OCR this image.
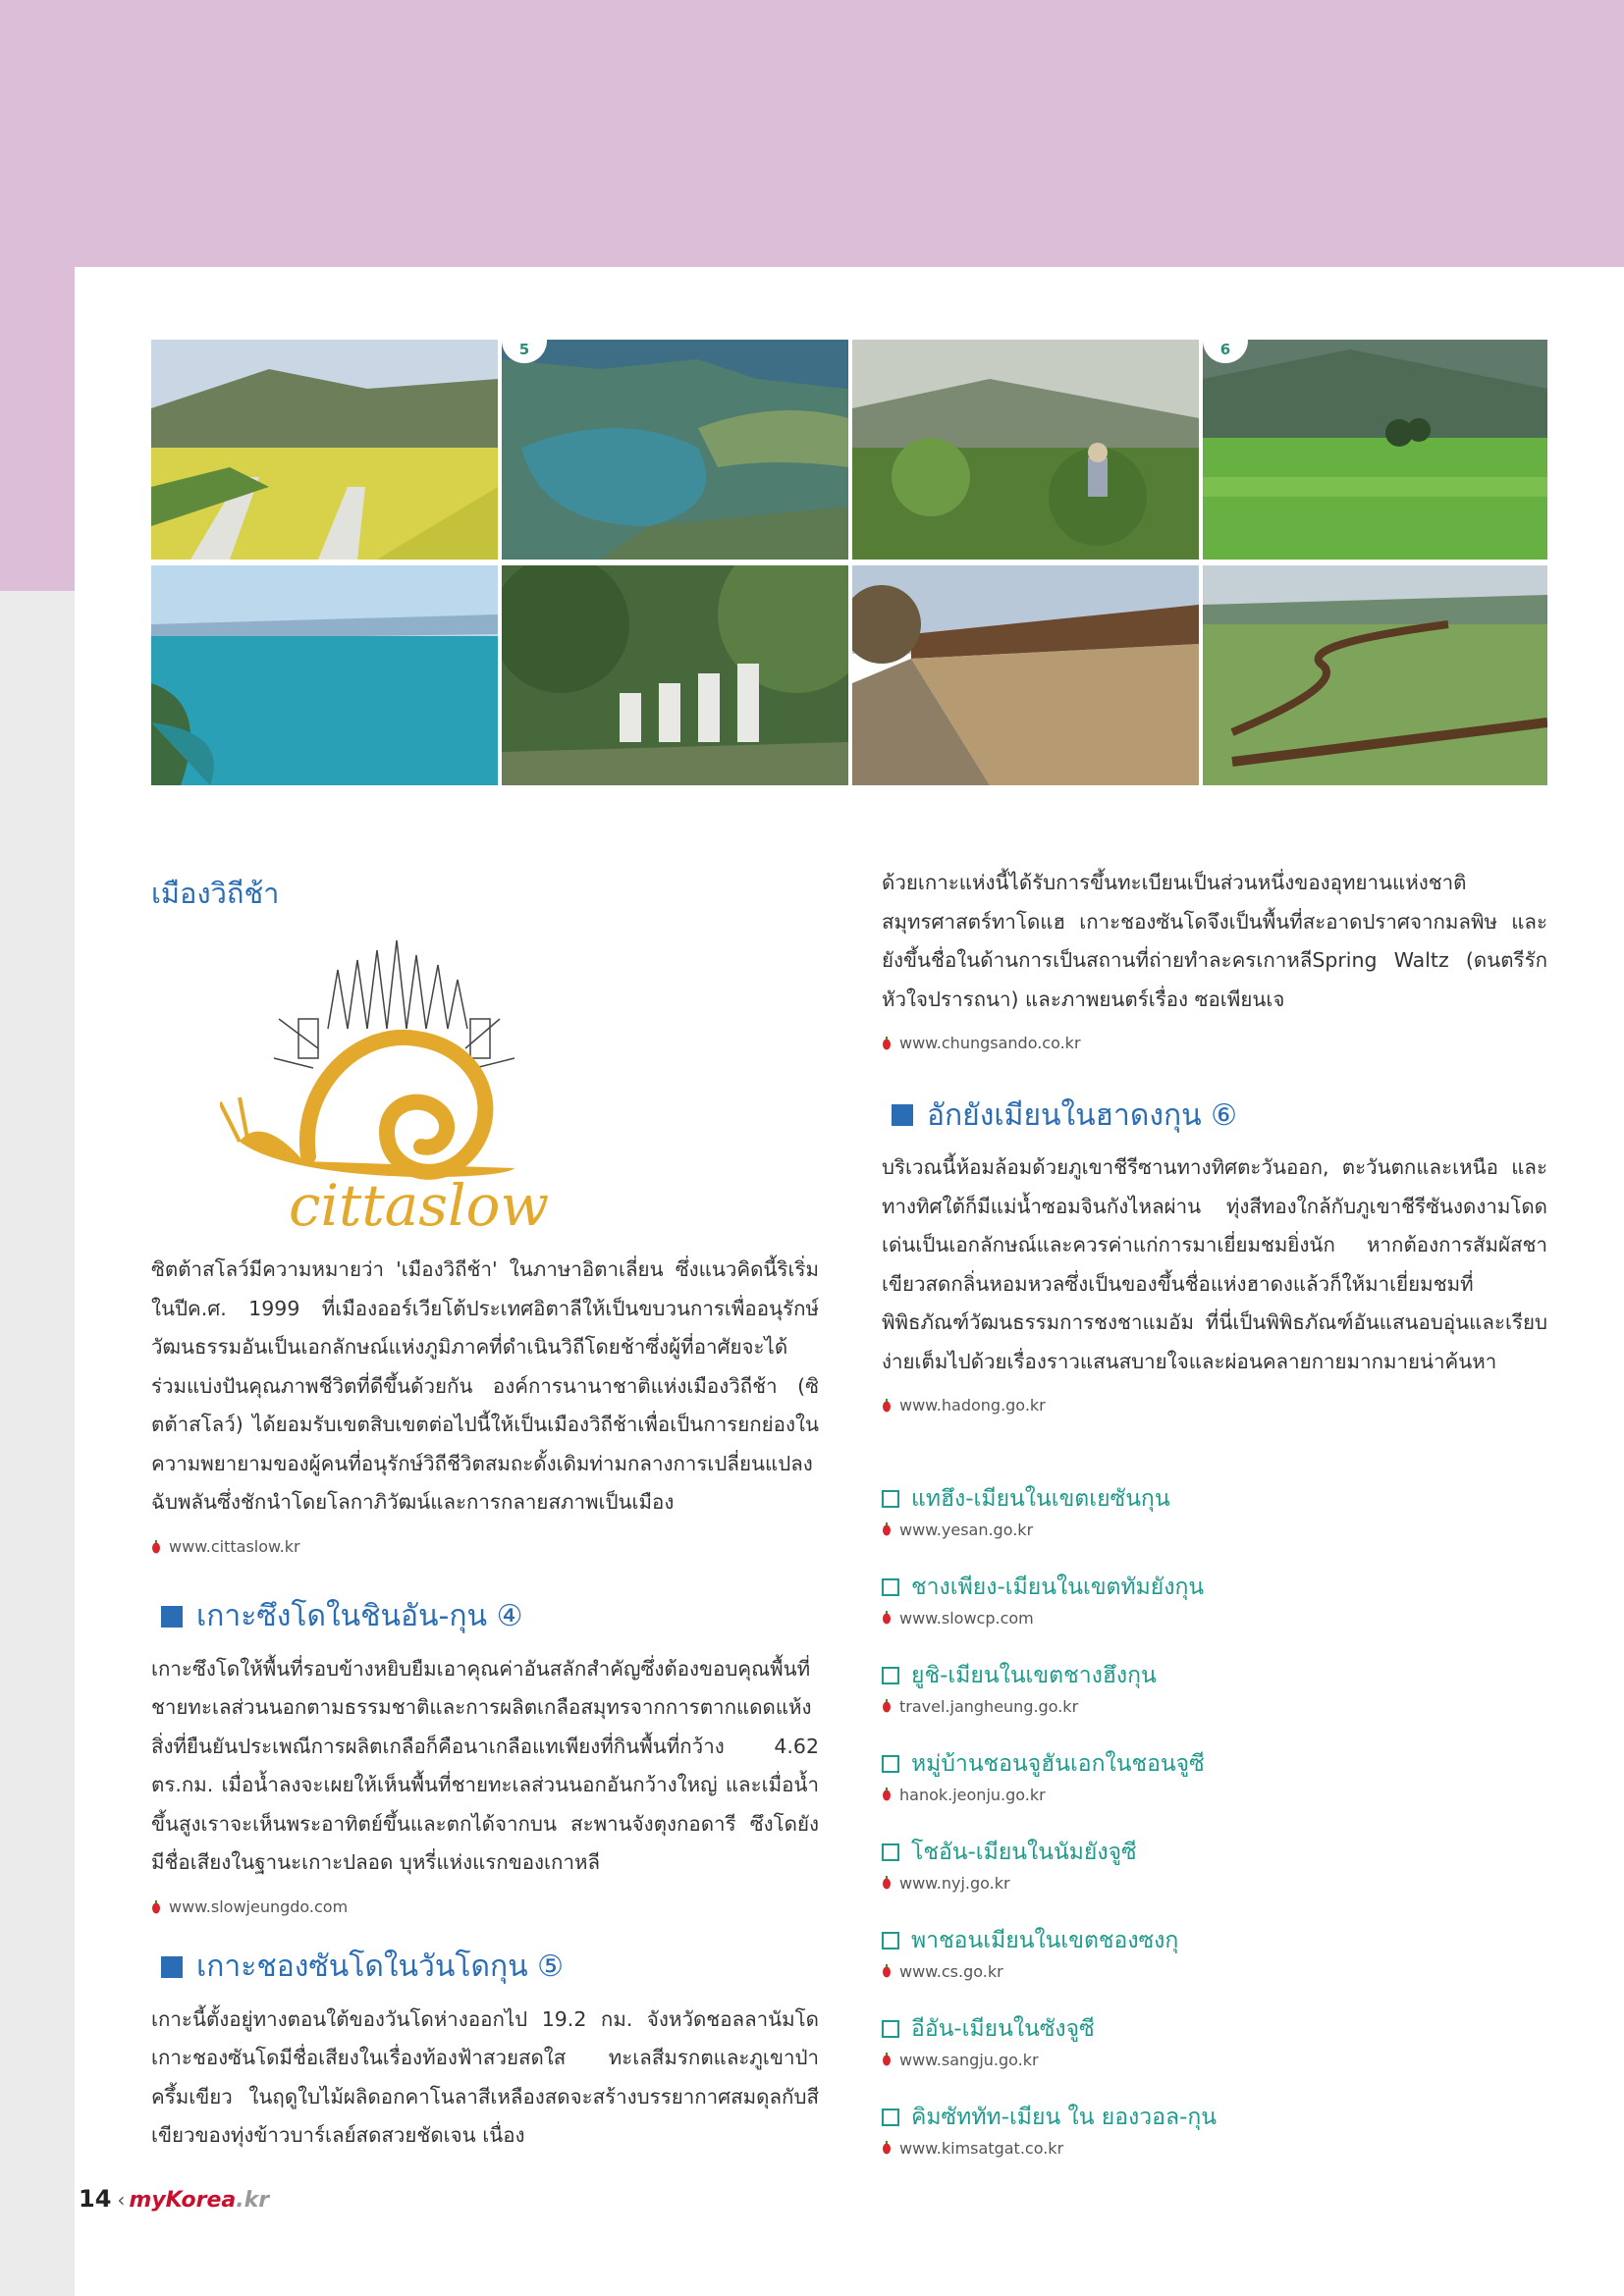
5	6
เมืองวิถีช้า
cittaslow

ซิตต้าสโลว์มีความหมายว่า 'เมืองวิถีช้า' ในภาษาอิตาเลี่ยน ซึ่งแนวคิดนี้ริเริ่มในปีค.ศ. 1999 ที่เมืองออร์เวียโต้ประเทศอิตาลีให้เป็นขบวนการเพื่ออนุรักษ์วัฒนธรรมอันเป็นเอกลักษณ์แห่งภูมิภาคที่ดำเนินวิถีโดยช้าซึ่งผู้ที่อาศัยจะได้ร่วมแบ่งปันคุณภาพชีวิตที่ดีขึ้นด้วยกัน องค์การนานาชาติแห่งเมืองวิถีช้า (ซิตต้าสโลว์) ได้ยอมรับเขตสิบเขตต่อไปนี้ให้เป็นเมืองวิถีช้าเพื่อเป็นการยกย่องในความพยายามของผู้คนที่อนุรักษ์วิถีชีวิตสมถะดั้งเดิมท่ามกลางการเปลี่ยนแปลงฉับพลันซึ่งชักนำโดยโลกาภิวัฒน์และการกลายสภาพเป็นเมือง

www.cittaslow.kr
เกาะซึงโดในชินอัน-กุน ④

เกาะซึงโดให้พื้นที่รอบข้างหยิบยืมเอาคุณค่าอันสลักสำคัญซึ่งต้องขอบคุณพื้นที่ชายทะเลส่วนนอกตามธรรมชาติและการผลิตเกลือสมุทรจากการตากแดดแห้ง สิ่งที่ยืนยันประเพณีการผลิตเกลือก็คือนาเกลือแทเพียงที่กินพื้นที่กว้าง 4.62 ตร.กม. เมื่อน้ำลงจะเผยให้เห็นพื้นที่ชายทะเลส่วนนอกอันกว้างใหญ่ และเมื่อน้ำขึ้นสูงเราจะเห็นพระอาทิตย์ขึ้นและตกได้จากบน สะพานจังตุงกอดารี ซึงโดยังมีชื่อเสียงในฐานะเกาะปลอด บุหรี่แห่งแรกของเกาหลี

www.slowjeungdo.com
เกาะชองซันโดในวันโดกุน ⑤

เกาะนี้ตั้งอยู่ทางตอนใต้ของวันโดห่างออกไป 19.2 กม. จังหวัดชอลลานัมโด เกาะชองซันโดมีชื่อเสียงในเรื่องท้องฟ้าสวยสดใส ทะเลสีมรกตและภูเขาป่าครึ้มเขียว ในฤดูใบไม้ผลิดอกคาโนลาสีเหลืองสดจะสร้างบรรยากาศสมดุลกับสีเขียวของทุ่งข้าวบาร์เลย์สดสวยชัดเจน เนื่อง

ด้วยเกาะแห่งนี้ได้รับการขึ้นทะเบียนเป็นส่วนหนึ่งของอุทยานแห่งชาติสมุทรศาสตร์ทาโดแฮ เกาะชองซันโดจึงเป็นพื้นที่สะอาดปราศจากมลพิษ และยังขึ้นชื่อในด้านการเป็นสถานที่ถ่ายทำละครเกาหลีSpring Waltz (ดนตรีรักหัวใจปรารถนา) และภาพยนตร์เรื่อง ซอเพียนเจ

www.chungsando.co.kr
อักยังเมียนในฮาดงกุน ⑥

บริเวณนี้ห้อมล้อมด้วยภูเขาชีรีซานทางทิศตะวันออก, ตะวันตกและเหนือ และทางทิศใต้ก็มีแม่น้ำซอมจินกังไหลผ่าน ทุ่งสีทองใกล้กับภูเขาชีรีซันงดงามโดดเด่นเป็นเอกลักษณ์และควรค่าแก่การมาเยี่ยมชมยิ่งนัก หากต้องการสัมผัสชาเขียวสดกลิ่นหอมหวลซึ่งเป็นของขึ้นชื่อแห่งฮาดงแล้วก็ให้มาเยี่ยมชมที่พิพิธภัณฑ์วัฒนธรรมการชงชาแมอัม ที่นี่เป็นพิพิธภัณฑ์อันแสนอบอุ่นและเรียบง่ายเต็มไปด้วยเรื่องราวแสนสบายใจและผ่อนคลายกายมากมายน่าค้นหา

www.hadong.go.kr
แทฮึง-เมียนในเขตเยซันกุน
www.yesan.go.kr
ชางเพียง-เมียนในเขตทัมยังกุน
www.slowcp.com
ยูชิ-เมียนในเขตชางฮึงกุน
travel.jangheung.go.kr
หมู่บ้านชอนจูฮันเอกในชอนจูซี
hanok.jeonju.go.kr
โชอัน-เมียนในนัมยังจูซี
www.nyj.go.kr
พาชอนเมียนในเขตชองซงกุ
www.cs.go.kr
อีอัน-เมียนในซังจูซี
www.sangju.go.kr
คิมซัททัท-เมียน ใน ยองวอล-กุน
www.kimsatgat.co.kr
14 ‹ myKorea .kr
